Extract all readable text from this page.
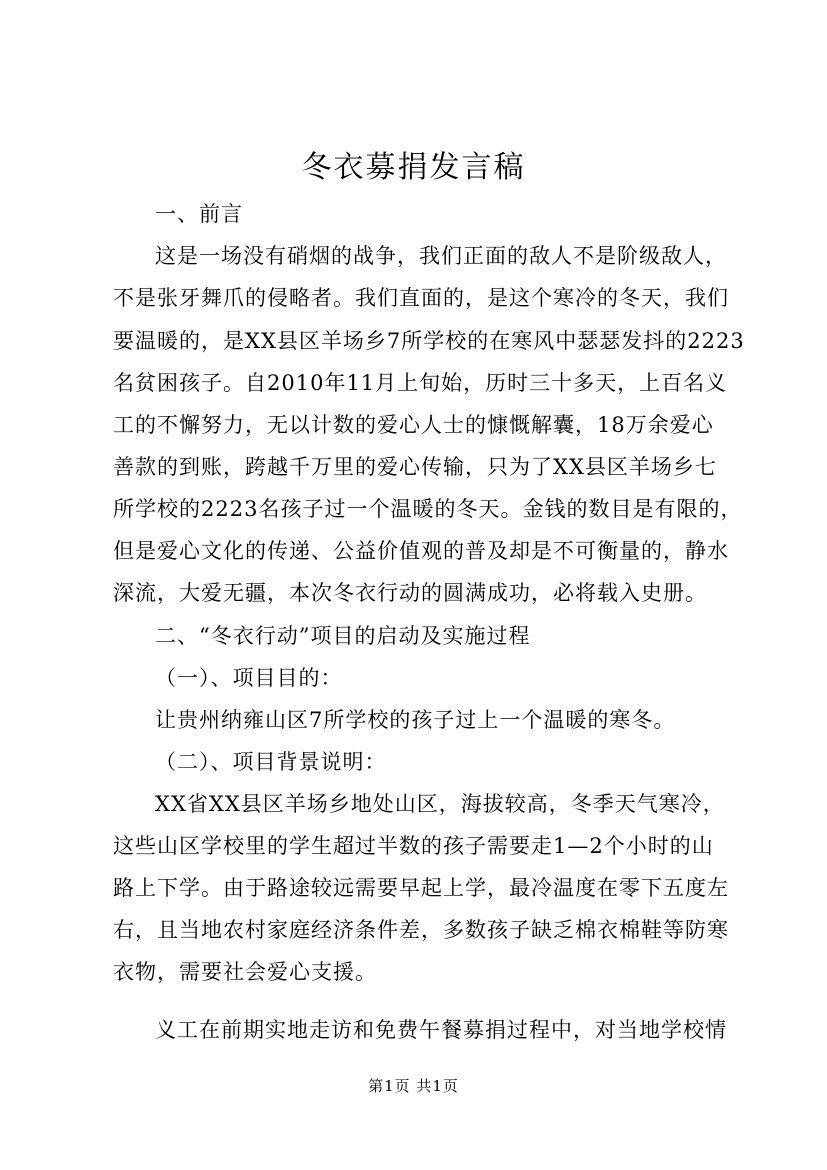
冬衣募捐发言稿
一、前言
这是一场没有硝烟的战争，我们正面的敌人不是阶级敌人，
不是张牙舞爪的侵略者。我们直面的，是这个寒冷的冬天，我们
要温暖的，是XX县区羊场乡7所学校的在寒风中瑟瑟发抖的2223
名贫困孩子。自2010年11月上旬始，历时三十多天，上百名义
工的不懈努力，无以计数的爱心人士的慷慨解囊，18万余爱心
善款的到账，跨越千万里的爱心传输，只为了XX县区羊场乡七
所学校的2223名孩子过一个温暖的冬天。金钱的数目是有限的，
但是爱心文化的传递、公益价值观的普及却是不可衡量的，静水
深流，大爱无疆，本次冬衣行动的圆满成功，必将载入史册。
二、“冬衣行动”项目的启动及实施过程
（一）、项目目的：
让贵州纳雍山区7所学校的孩子过上一个温暖的寒冬。
（二）、项目背景说明：
XX省XX县区羊场乡地处山区，海拔较高，冬季天气寒冷，
这些山区学校里的学生超过半数的孩子需要走1—2个小时的山
路上下学。由于路途较远需要早起上学，最冷温度在零下五度左
右，且当地农村家庭经济条件差，多数孩子缺乏棉衣棉鞋等防寒
衣物，需要社会爱心支援。
义工在前期实地走访和免费午餐募捐过程中，对当地学校情
第1页 共1页
